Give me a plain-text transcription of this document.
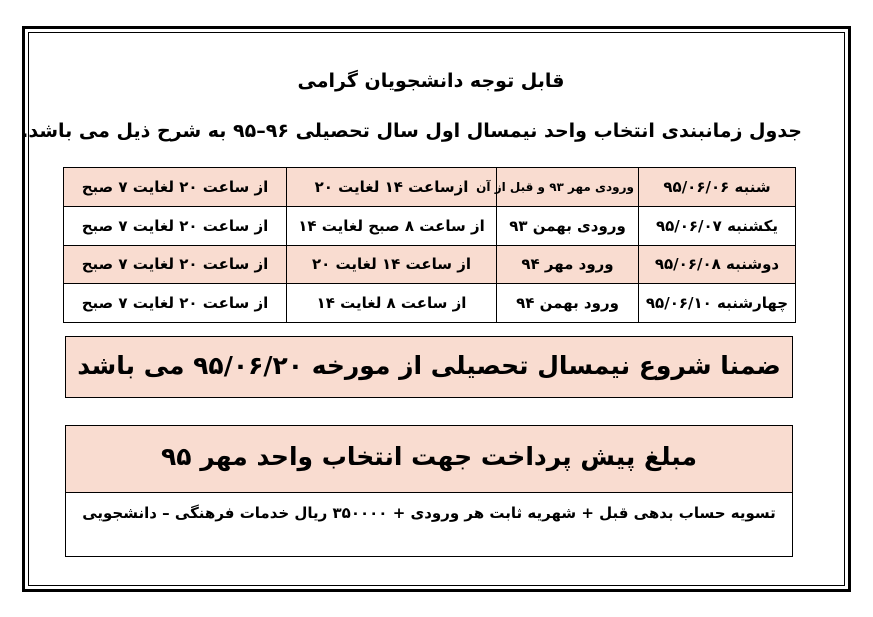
قابل توجه دانشجویان گرامی
جدول زمانبندی انتخاب واحد نیمسال اول سال تحصیلی ۹۶–۹۵ به شرح ذیل می باشد.
شنبه ۹۵/۰۶/۰۶	ورودی مهر ۹۳ و قبل از آن	ازساعت ۱۴ لغایت ۲۰	از ساعت ۲۰ لغایت ۷ صبح
یکشنبه ۹۵/۰۶/۰۷	ورودی بهمن ۹۳	از ساعت ۸ صبح لغایت ۱۴	از ساعت ۲۰ لغایت ۷ صبح
دوشنبه ۹۵/۰۶/۰۸	ورود مهر ۹۴	از ساعت ۱۴ لغایت ۲۰	از ساعت ۲۰ لغایت ۷ صبح
چهارشنبه ۹۵/۰۶/۱۰	ورود بهمن ۹۴	از ساعت ۸ لغایت ۱۴	از ساعت ۲۰ لغایت ۷ صبح
ضمنا شروع نیمسال تحصیلی از مورخه ۹۵/۰۶/۲۰ می باشد
مبلغ پیش پرداخت جهت انتخاب واحد مهر ۹۵
تسویه حساب بدهی قبل + شهریه ثابت هر ورودی + ۳۵۰۰۰۰ ریال خدمات فرهنگی – دانشجویی
